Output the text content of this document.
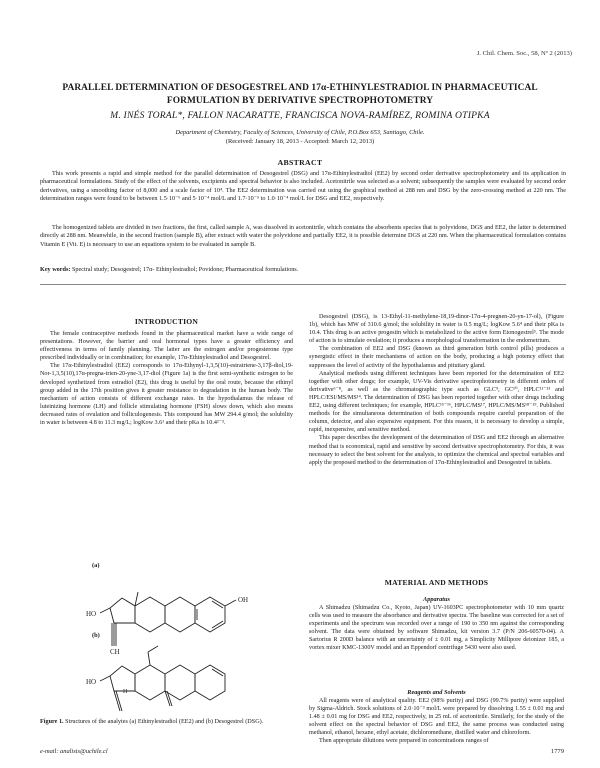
J. Chil. Chem. Soc., 58, Nº 2 (2013)
PARALLEL DETERMINATION OF DESOGESTREL AND 17α-ETHINYLESTRADIOL IN PHARMACEUTICAL FORMULATION BY DERIVATIVE SPECTROPHOTOMETRY
M. INÉS TORAL*, FALLON NACARATTE, FRANCISCA NOVA-RAMÍREZ, ROMINA OTIPKA
Department of Chemistry, Faculty of Sciences, University of Chile, P.O.Box 653, Santiago, Chile.
(Received: January 18, 2013 - Accepted: March 12, 2013)
ABSTRACT
This work presents a rapid and simple method for the parallel determination of Desogestrel (DSG) and 17α-Ethinylestradiol (EE2) by second order derivative spectrophotometry and its application in pharmaceutical formulations. Study of the effect of the solvents, excipients and spectral behavior is also included. Acetonitrile was selected as a solvent; subsequently the samples were evaluated by second order derivatives, using a smoothing factor of 8,000 and a scale factor of 10⁴. The EE2 determination was carried out using the graphical method at 288 nm and DSG by the zero-crossing method at 220 nm. The determination ranges were found to be between 1.5·10⁻⁶ and 5·10⁻⁴ mol/L and 1.7·10⁻⁵ to 1.0·10⁻⁴ mol/L for DSG and EE2, respectively.
The homogenized tablets are divided in two fractions, the first, called sample A, was dissolved in acetonitrile, which contains the absorbents species that is polyvidone, DGS and EE2, the latter is determined directly at 288 nm. Meanwhile, in the second fraction (sample B), after extract with water the polyvidone and partially EE2, it is possible determine DGS at 220 nm. When the pharmaceutical formulation contains Vitamin E (Vit. E) is necessary to use an equations system to be evaluated in sample B.
Key words: Spectral study; Desogestrel; 17α- Ethinylestradiol; Povidone; Pharmaceutical formulations.
INTRODUCTION

The female contraceptive methods found in the pharmaceutical market have a wide range of presentations. However, the barrier and oral hormonal types have a greater efficiency and effectiveness in terms of family planning. The latter are the estrogen and/or progesterone type prescribed individually or in combination; for example, 17α-Ethinylestradiol and Desogestrel.

The 17α-Ethinylestradiol (EE2) corresponds to 17α-Ethynyl-1,3,5(10)-estratriene-3,17β-diol,19-Nor-1,3,5(10),17α-pregna-trien-20-yne-3,17-diol (Figure 1a) is the first semi-synthetic estrogen to be developed synthetized from estradiol (E2), this drug is useful by the oral route, because the ethinyl group added in the 17th position gives it greater resistance to degradation in the human body. The mechanism of action consists of different exchange rates. In the hypothalamus the release of luteinizing hormone (LH) and follicle stimulating hormone (FSH) slows down, which also means decreased rates of ovulation and folliculogenesis. This compound has MW 294.4 g/mol; the solubility in water is between 4.8 to 11.3 mg/L; logKow 3.6¹ and their pKa is 10.4²⁻³.

OH
HO
CH
HO
H
(a)
(b)
Figure 1. Structures of the analytes (a) Ethinylestradiol (EE2) and (b) Desogestrel (DSG).

Desogestrel (DSG), is 13-Ethyl-11-methylene-18,19-dinor-17α-4-pregnen-20-yn-17-ol), (Figure 1b), which has MW of 310.6 g/mol; the solubility in water is 0.5 mg/L; logKow 5.6⁴ and their pKa is 10.4. This drug is an active progestin which is metabolized to the active form Etonogestrel⁵. The mode of action is to simulate ovulation; it produces a morphological transformation in the endometrium.

The combination of EE2 and DSG (known as third generation birth control pills) produces a synergistic effect in their mechanisms of action on the body, producing a high potency effect that suppresses the level of activity of the hypothalamus and pituitary gland.

Analytical methods using different techniques have been reported for the determination of EE2 together with other drugs; for example, UV-Vis derivative spectrophotometry in different orders of derivative⁶⁻⁸, as well as the chromatographic type such as GLC⁹, GC¹⁰, HPLC¹¹⁻¹³ and HPLC/ESI/MS/MS¹⁴. The determination of DSG has been reported together with other drugs including EE2, using different techniques; for example, HPLC¹⁵⁻¹⁶, HPLC/MS¹⁷, HPLC/MS/MS¹⁸⁻¹⁹. Published methods for the simultaneous determination of both compounds require careful preparation of the column, detector, and also expensive equipment. For this reason, it is necessary to develop a simple, rapid, inexpensive, and sensitive method.

This paper describes the development of the determination of DSG and EE2 through an alternative method that is economical, rapid and sensitive by second derivative spectrophotometry. For this, it was necessary to select the best solvent for the analysis, to optimize the chemical and spectral variables and apply the proposed method to the determination of 17α-Ethinylestradiol and Desogestrel in tablets.

MATERIAL AND METHODS
Apparatus

A Shimadzu (Shimadzu Co., Kyoto, Japan) UV-1603PC spectrophotometer with 10 mm quartz cells was used to measure the absorbance and derivative spectra. The baseline was corrected for a set of experiments and the spectrum was recorded over a range of 190 to 350 nm against the corresponding solvent. The data were obtained by software Shimadzu, kit version 3.7 (P/N 206-60570-04). A Sartorius R 200D balance with an uncertainty of ± 0.01 mg, a Simplicity Millipore deionizer 185, a vortex mixer KMC-1300V model and an Eppendorf centrifuge 5430 were also used.

Reagents and Solvents

All reagents were of analytical quality. EE2 (98% purity) and DSG (99.7% purity) were supplied by Sigma-Aldrich. Stock solutions of 2.0·10⁻³ mol/L were prepared by dissolving 1.55 ± 0.01 mg and 1.48 ± 0.01 mg for DSG and EE2, respectively, in 25 mL of acetonitrile. Similarly, for the study of the solvent effect on the spectral behavior of DSG and EE2, the same process was conducted using methanol, ethanol, hexane, ethyl acetate, dichloromethane, distilled water and chloroform.

Then appropriate dilutions were prepared in concentrations ranges of

e-mail: analisis@uchile.cl	1779
